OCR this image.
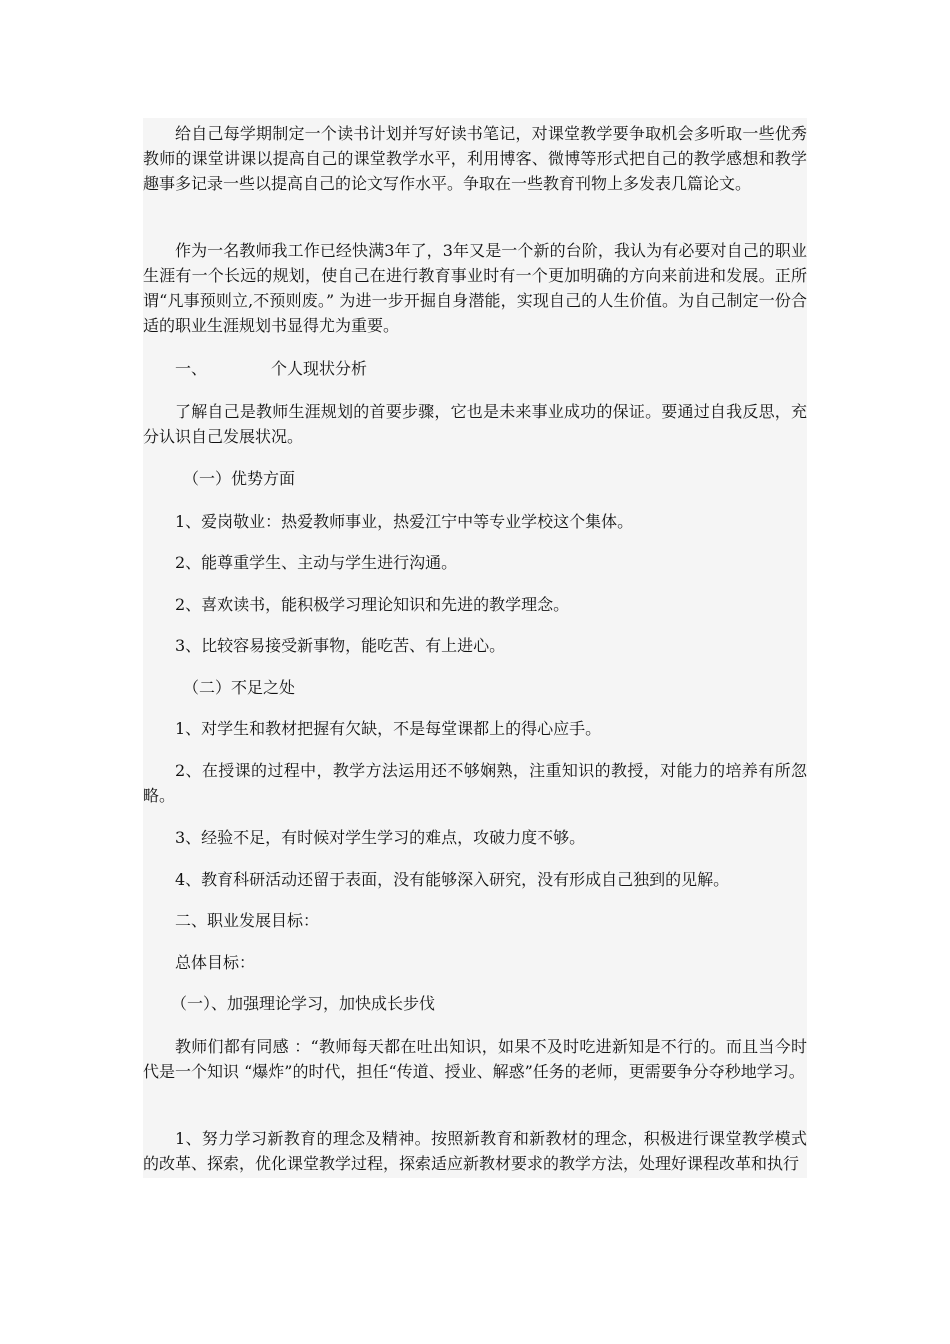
给自己每学期制定一个读书计划并写好读书笔记，对课堂教学要争取机会多听取一些优秀教师的课堂讲课以提高自己的课堂教学水平，利用博客、微博等形式把自己的教学感想和教学趣事多记录一些以提高自己的论文写作水平。争取在一些教育刊物上多发表几篇论文。

作为一名教师我工作已经快满3年了，3年又是一个新的台阶，我认为有必要对自己的职业生涯有一个长远的规划，使自己在进行教育事业时有一个更加明确的方向来前进和发展。正所谓“凡事预则立,不预则废。” 为进一步开掘自身潜能，实现自己的人生价值。为自己制定一份合适的职业生涯规划书显得尤为重要。

一、	个人现状分析

了解自己是教师生涯规划的首要步骤，它也是未来事业成功的保证。要通过自我反思，充分认识自己发展状况。

（一）优势方面

1、爱岗敬业：热爱教师事业，热爱江宁中等专业学校这个集体。

2、能尊重学生、主动与学生进行沟通。

2、喜欢读书，能积极学习理论知识和先进的教学理念。

3、比较容易接受新事物，能吃苦、有上进心。

（二）不足之处

1、对学生和教材把握有欠缺，不是每堂课都上的得心应手。

2、在授课的过程中，教学方法运用还不够娴熟，注重知识的教授，对能力的培养有所忽略。

3、经验不足，有时候对学生学习的难点，攻破力度不够。

4、教育科研活动还留于表面，没有能够深入研究，没有形成自己独到的见解。

二、职业发展目标：

总体目标：

（一）、加强理论学习，加快成长步伐

教师们都有同感 ：“教师每天都在吐出知识，如果不及时吃进新知是不行的。而且当今时代是一个知识 “爆炸”的时代，担任“传道、授业、解惑”任务的老师，更需要争分夺秒地学习。

1、努力学习新教育的理念及精神。按照新教育和新教材的理念，积极进行课堂教学模式的改革、探索，优化课堂教学过程，探索适应新教材要求的教学方法，处理好课程改革和执行
